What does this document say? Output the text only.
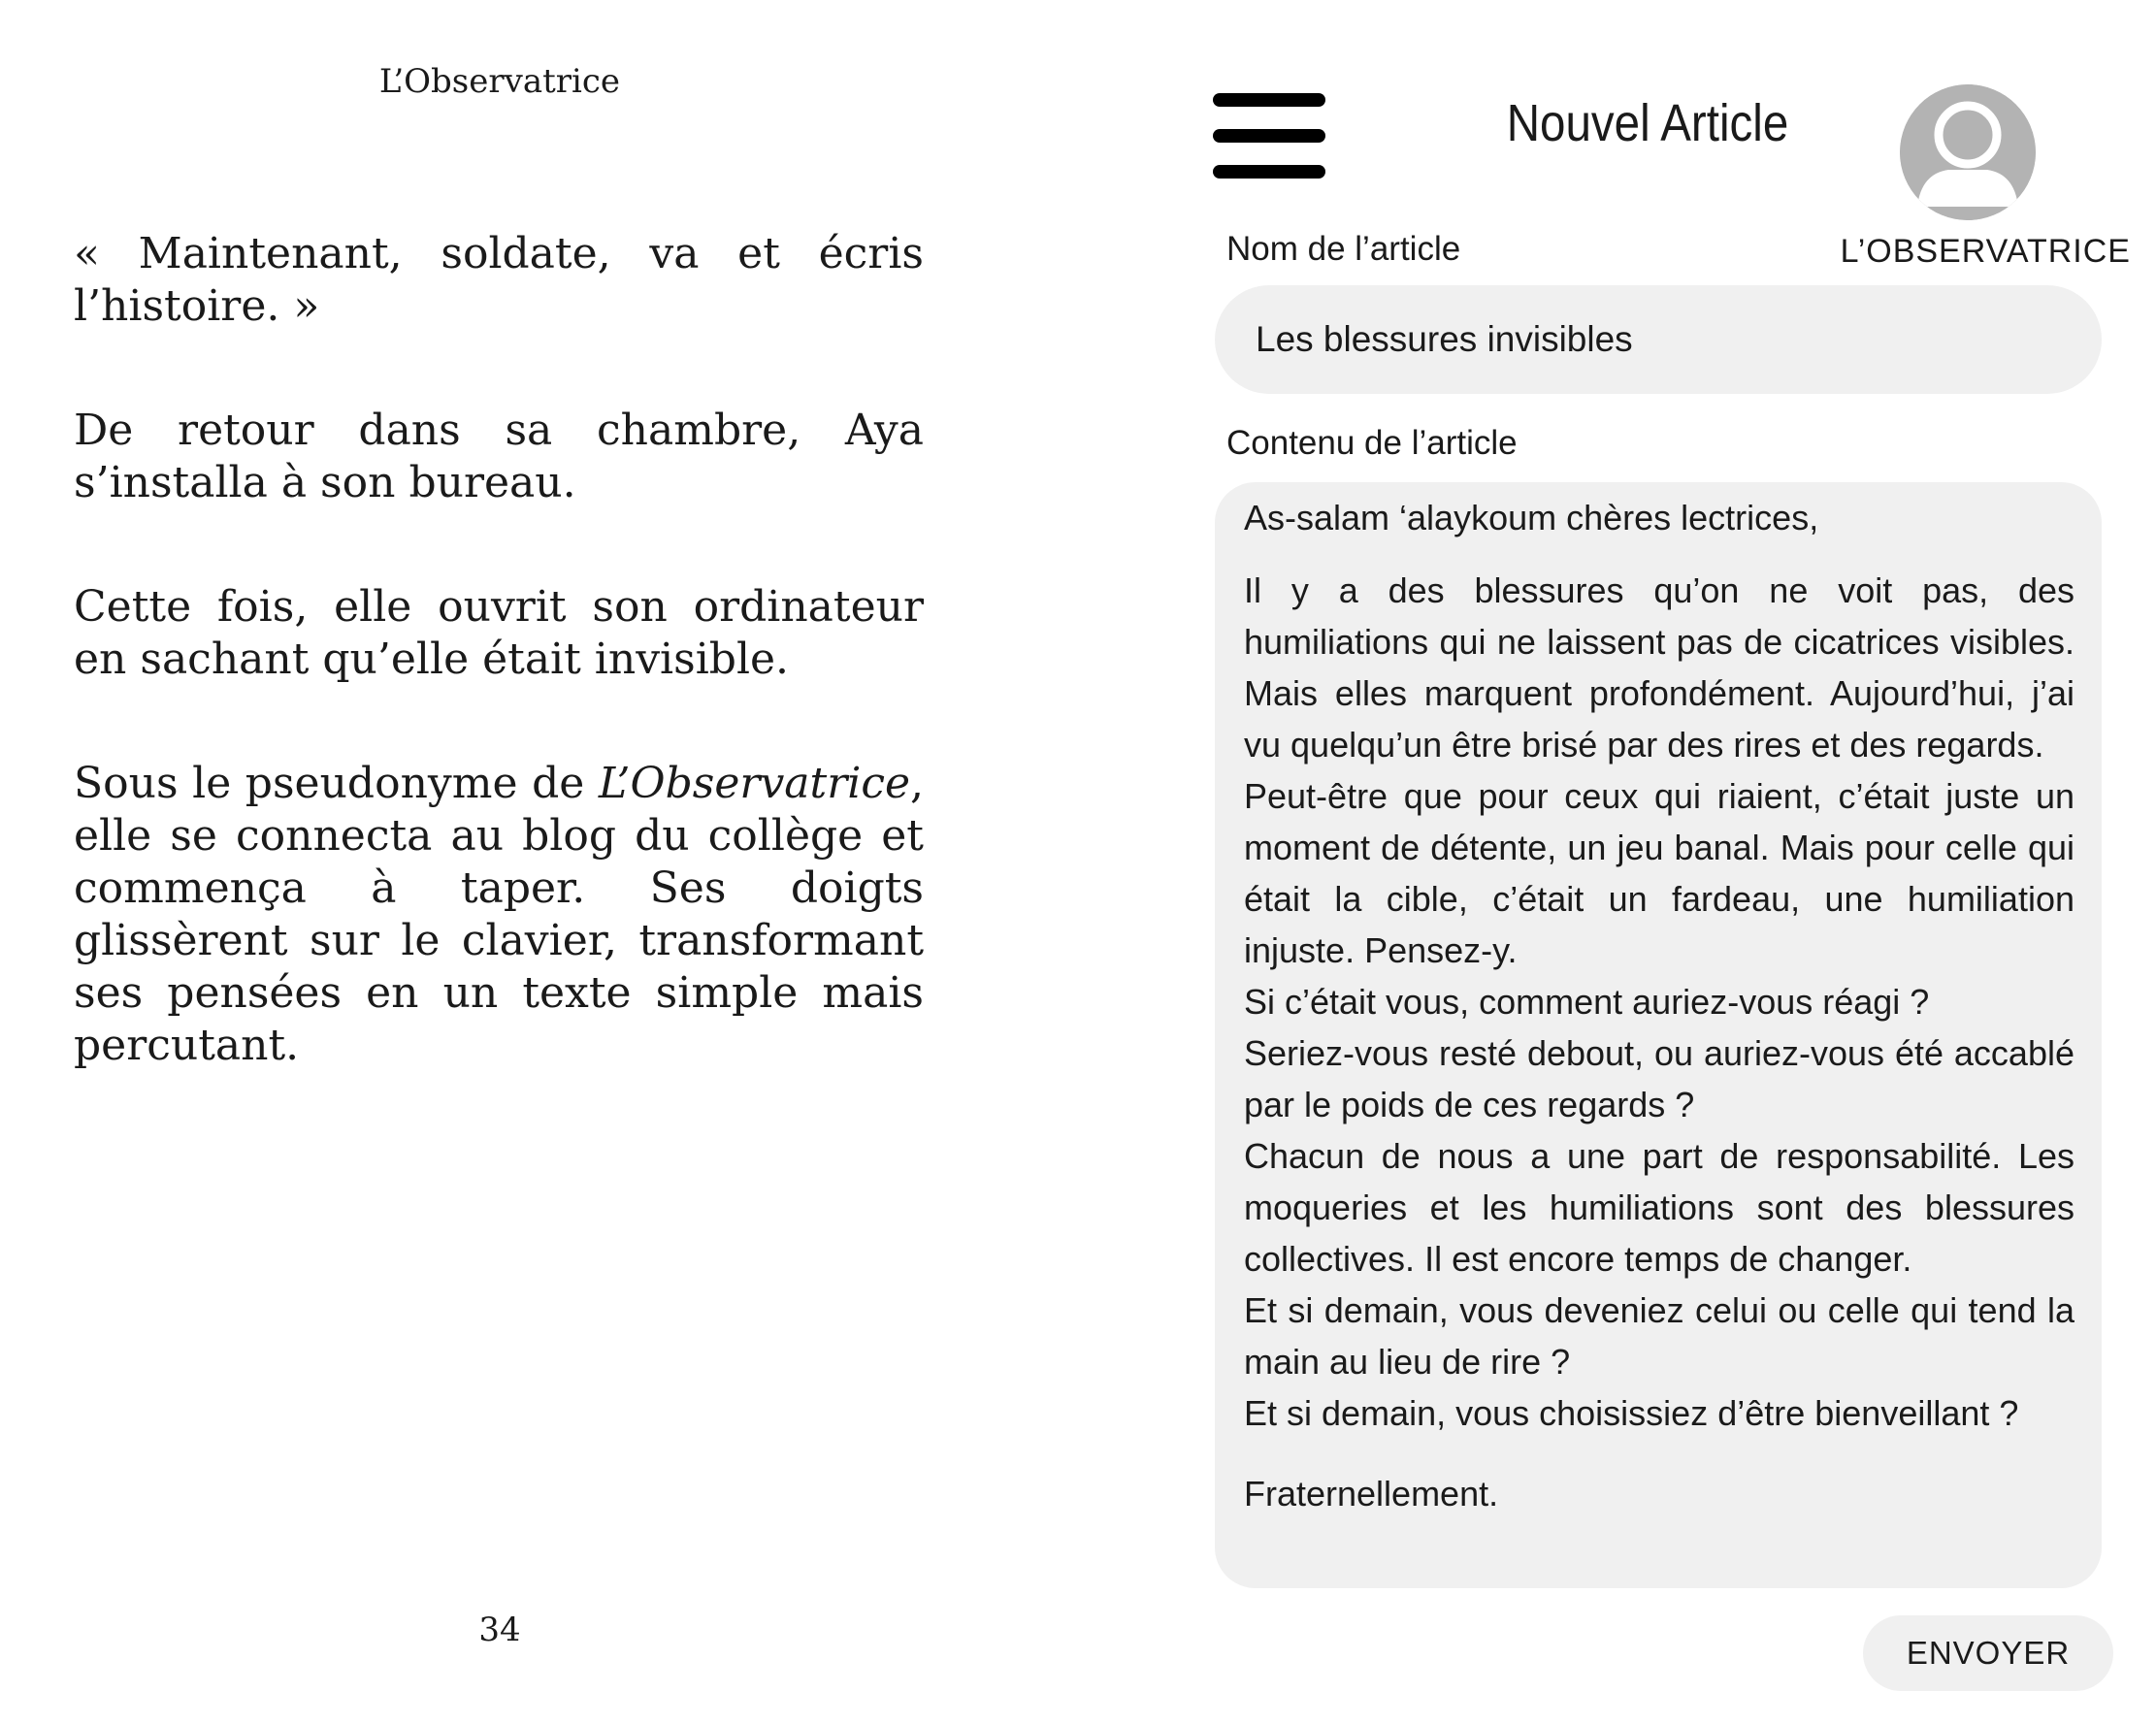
L’Observatrice

« Maintenant, soldate, va et écris l’histoire. »

De retour dans sa chambre, Aya s’installa à son bureau.

Cette fois, elle ouvrit son ordinateur en sachant qu’elle était invisible.

Sous le pseudonyme de L’Observatrice, elle se connecta au blog du collège et commença à taper. Ses doigts glissèrent sur le clavier, transformant ses pensées en un texte simple mais percutant.

34
Nouvel Article
L’OBSERVATRICE
Nom de l’article
Les blessures invisibles
Contenu de l’article

As-salam ‘alaykoum chères lectrices,

Il y a des blessures qu’on ne voit pas, des humiliations qui ne laissent pas de cicatrices visibles. Mais elles marquent profondément. Aujourd’hui, j’ai vu quelqu’un être brisé par des rires et des regards.

Peut-être que pour ceux qui riaient, c’était juste un moment de détente, un jeu banal. Mais pour celle qui était la cible, c’était un fardeau, une humiliation injuste. Pensez-y.

Si c’était vous, comment auriez-vous réagi ?

Seriez-vous resté debout, ou auriez-vous été accablé par le poids de ces regards ?

Chacun de nous a une part de responsabilité. Les moqueries et les humiliations sont des blessures collectives. Il est encore temps de changer.

Et si demain, vous deveniez celui ou celle qui tend la main au lieu de rire ?

Et si demain, vous choisissiez d’être bienveillant ?

Fraternellement.

ENVOYER
